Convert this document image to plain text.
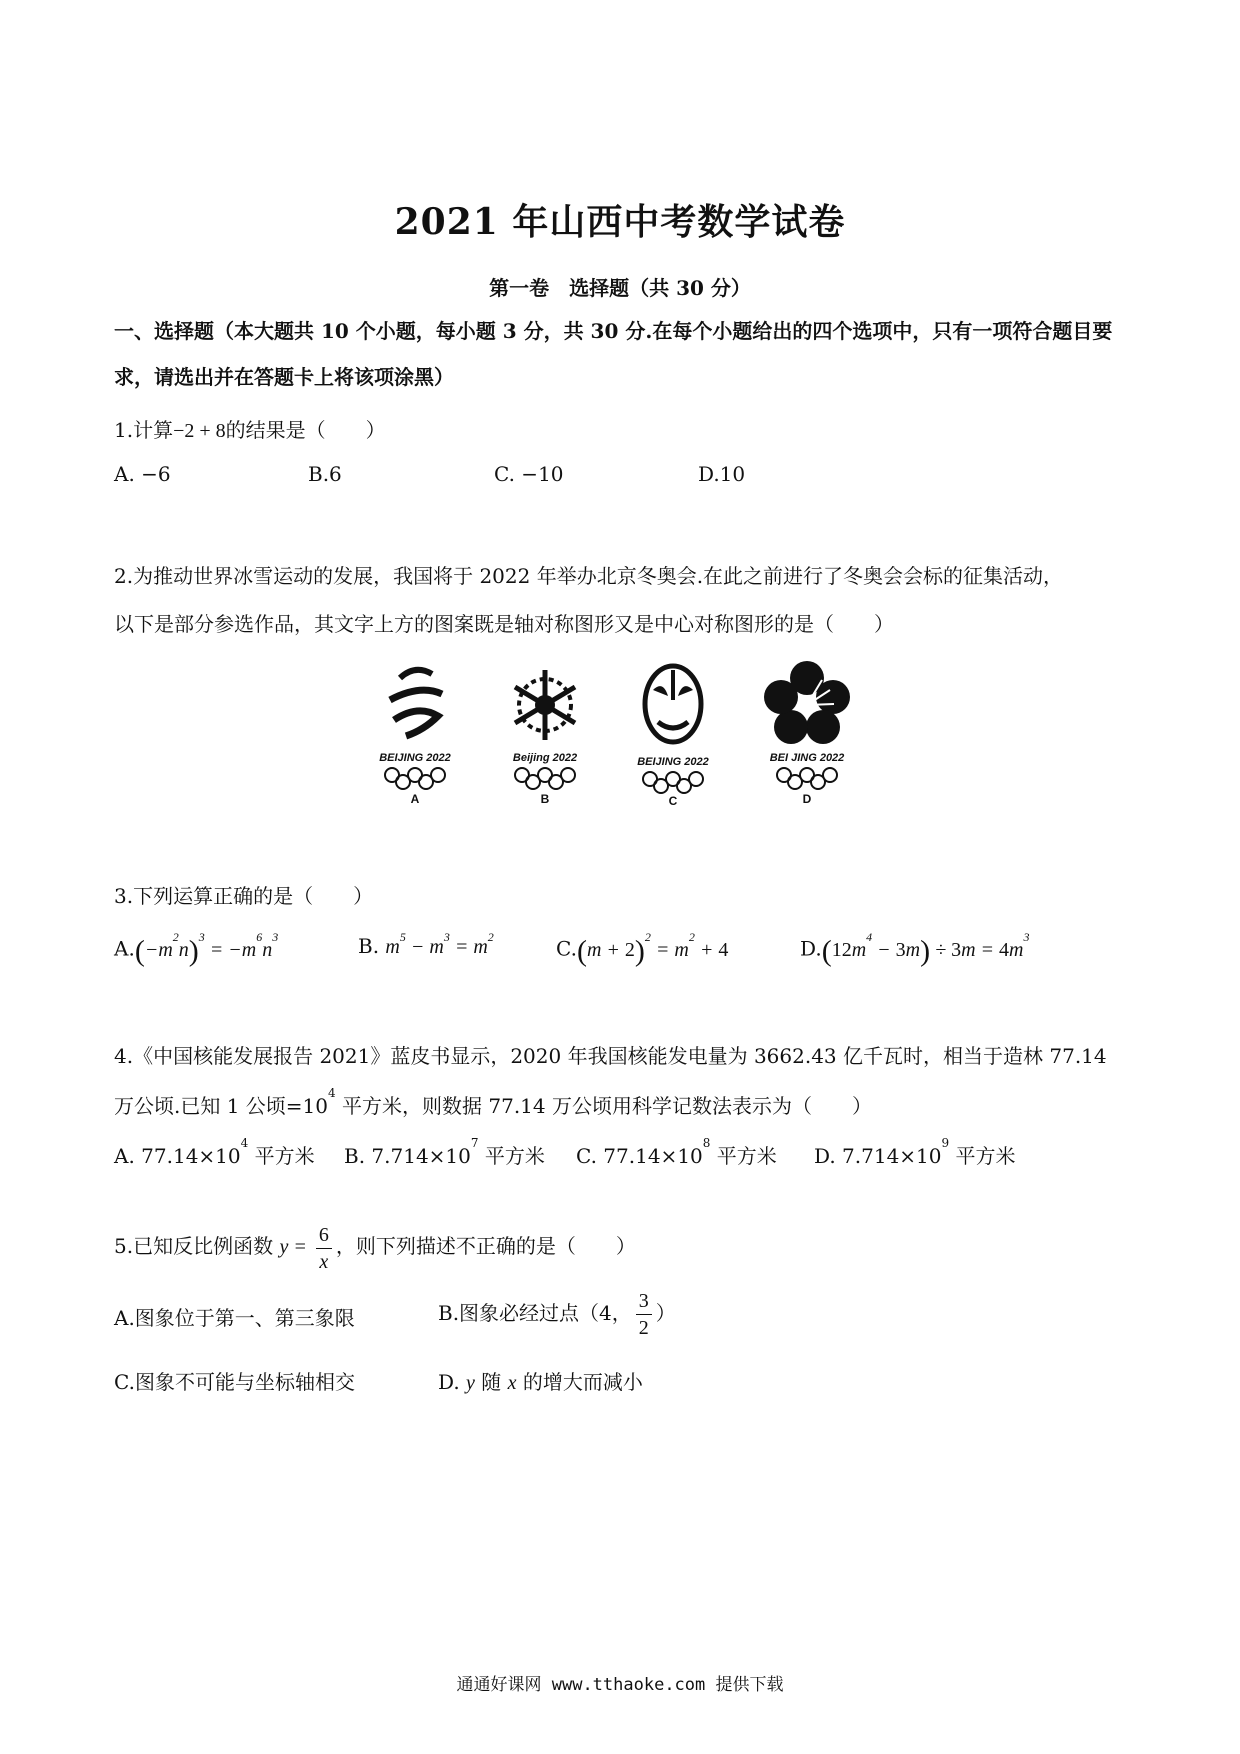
2021 年山西中考数学试卷
第一卷　选择题（共 30 分）
一、选择题（本大题共 10 个小题，每小题 3 分，共 30 分.在每个小题给出的四个选项中，只有一项符合题目要求，请选出并在答题卡上将该项涂黑）
1.计算−2 + 8的结果是（　　）
A. −6	B.6	C. −10	D.10
2.为推动世界冰雪运动的发展，我国将于 2022 年举办北京冬奥会.在此之前进行了冬奥会会标的征集活动，
以下是部分参选作品，其文字上方的图案既是轴对称图形又是中心对称图形的是（　　）
BEIJING 2022
A
Beijing 2022
B
BEIJING 2022
C
BEI JING 2022
D
3.下列运算正确的是（　　）
$A.(-m^2n)^3 = -m^6n^3$	B. $m^5 - m^3 = m^2$	$C.(m + 2)^2 = m^2 + 4$	$D.(12m^4 - 3m) \div 3m = 4m^3$
4.《中国核能发展报告 2021》蓝皮书显示，2020 年我国核能发电量为 3662.43 亿千瓦时，相当于造林 77.14
万公顷.已知 1 公顷$=10^4$ 平方米，则数据 77.14 万公顷用科学记数法表示为（　　）
A. $77.14\times 10^4$ 平方米 B. $7.714\times 10^7$ 平方米 C. $77.14\times 10^8$ 平方米 D. $7.714\times 10^9$ 平方米
5.已知反比例函数 $y = \frac{6}{x}$ ，则下列描述不正确的是（　　）
A.图象位于第一、第三象限	B.图象必经过点（4， $\frac{3}{2}$ ）
C.图象不可能与坐标轴相交	D. y 随 x 的增大而减小
通通好课网 www.tthaoke.com 提供下载
